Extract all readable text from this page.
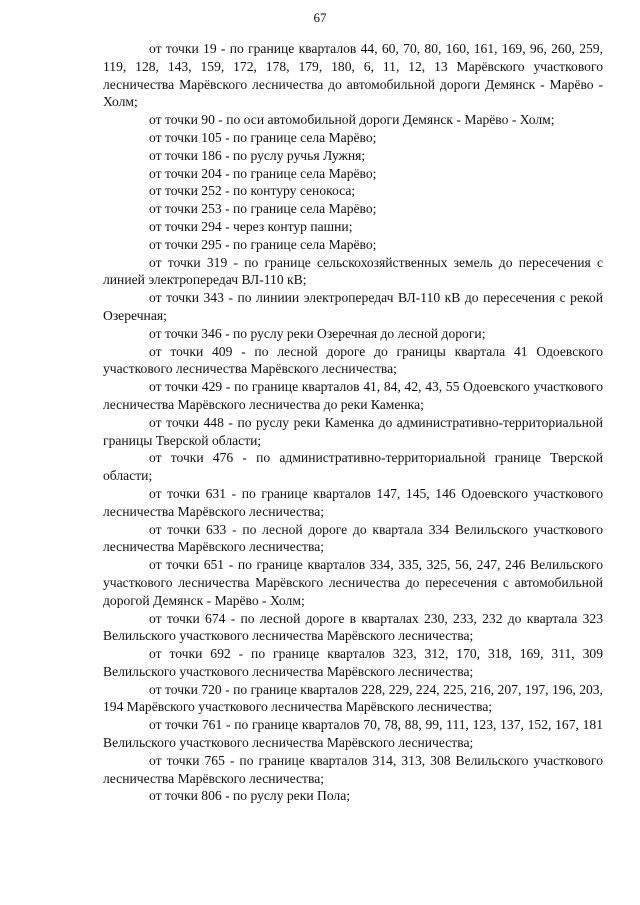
67

от точки 19 - по границе кварталов 44, 60, 70, 80, 160, 161, 169, 96, 260, 259, 119, 128, 143, 159, 172, 178, 179, 180, 6, 11, 12, 13 Марёвского участкового лесничества Марёвского лесничества до автомобильной дороги Демянск - Марёво - Холм;

от точки 90 - по оси автомобильной дороги Демянск - Марёво - Холм;

от точки 105 - по границе села Марёво;

от точки 186 - по руслу ручья Лужня;

от точки 204 - по границе села Марёво;

от точки 252 - по контуру сенокоса;

от точки 253 - по границе села Марёво;

от точки 294 - через контур пашни;

от точки 295 - по границе села Марёво;

от точки 319 - по границе сельскохозяйственных земель до пересечения с линией электропередач ВЛ-110 кВ;

от точки 343 - по линиии электропередач ВЛ-110 кВ до пересечения с рекой Озеречная;

от точки 346 - по руслу реки Озеречная до лесной дороги;

от точки 409 - по лесной дороге до границы квартала 41 Одоевского участкового лесничества Марёвского лесничества;

от точки 429 - по границе кварталов 41, 84, 42, 43, 55 Одоевского участкового лесничества Марёвского лесничества до реки Каменка;

от точки 448 - по руслу реки Каменка до административно-территориальной границы Тверской области;

от точки 476 - по административно-территориальной границе Тверской области;

от точки 631 - по границе кварталов 147, 145, 146 Одоевского участкового лесничества Марёвского лесничества;

от точки 633 - по лесной дороге до квартала 334 Велильского участкового лесничества Марёвского лесничества;

от точки 651 - по границе кварталов 334, 335, 325, 56, 247, 246 Велильского участкового лесничества Марёвского лесничества до пересечения с автомобильной дорогой Демянск - Марёво - Холм;

от точки 674 - по лесной дороге в кварталах 230, 233, 232 до квартала 323 Велильского участкового лесничества Марёвского лесничества;

от точки 692 - по границе кварталов 323, 312, 170, 318, 169, 311, 309 Велильского участкового лесничества Марёвского лесничества;

от точки 720 - по границе кварталов 228, 229, 224, 225, 216, 207, 197, 196, 203, 194 Марёвского участкового лесничества Марёвского лесничества;

от точки 761 - по границе кварталов 70, 78, 88, 99, 111, 123, 137, 152, 167, 181 Велильского участкового лесничества Марёвского лесничества;

от точки 765 - по границе кварталов 314, 313, 308 Велильского участкового лесничества Марёвского лесничества;

от точки 806 - по руслу реки Пола;
